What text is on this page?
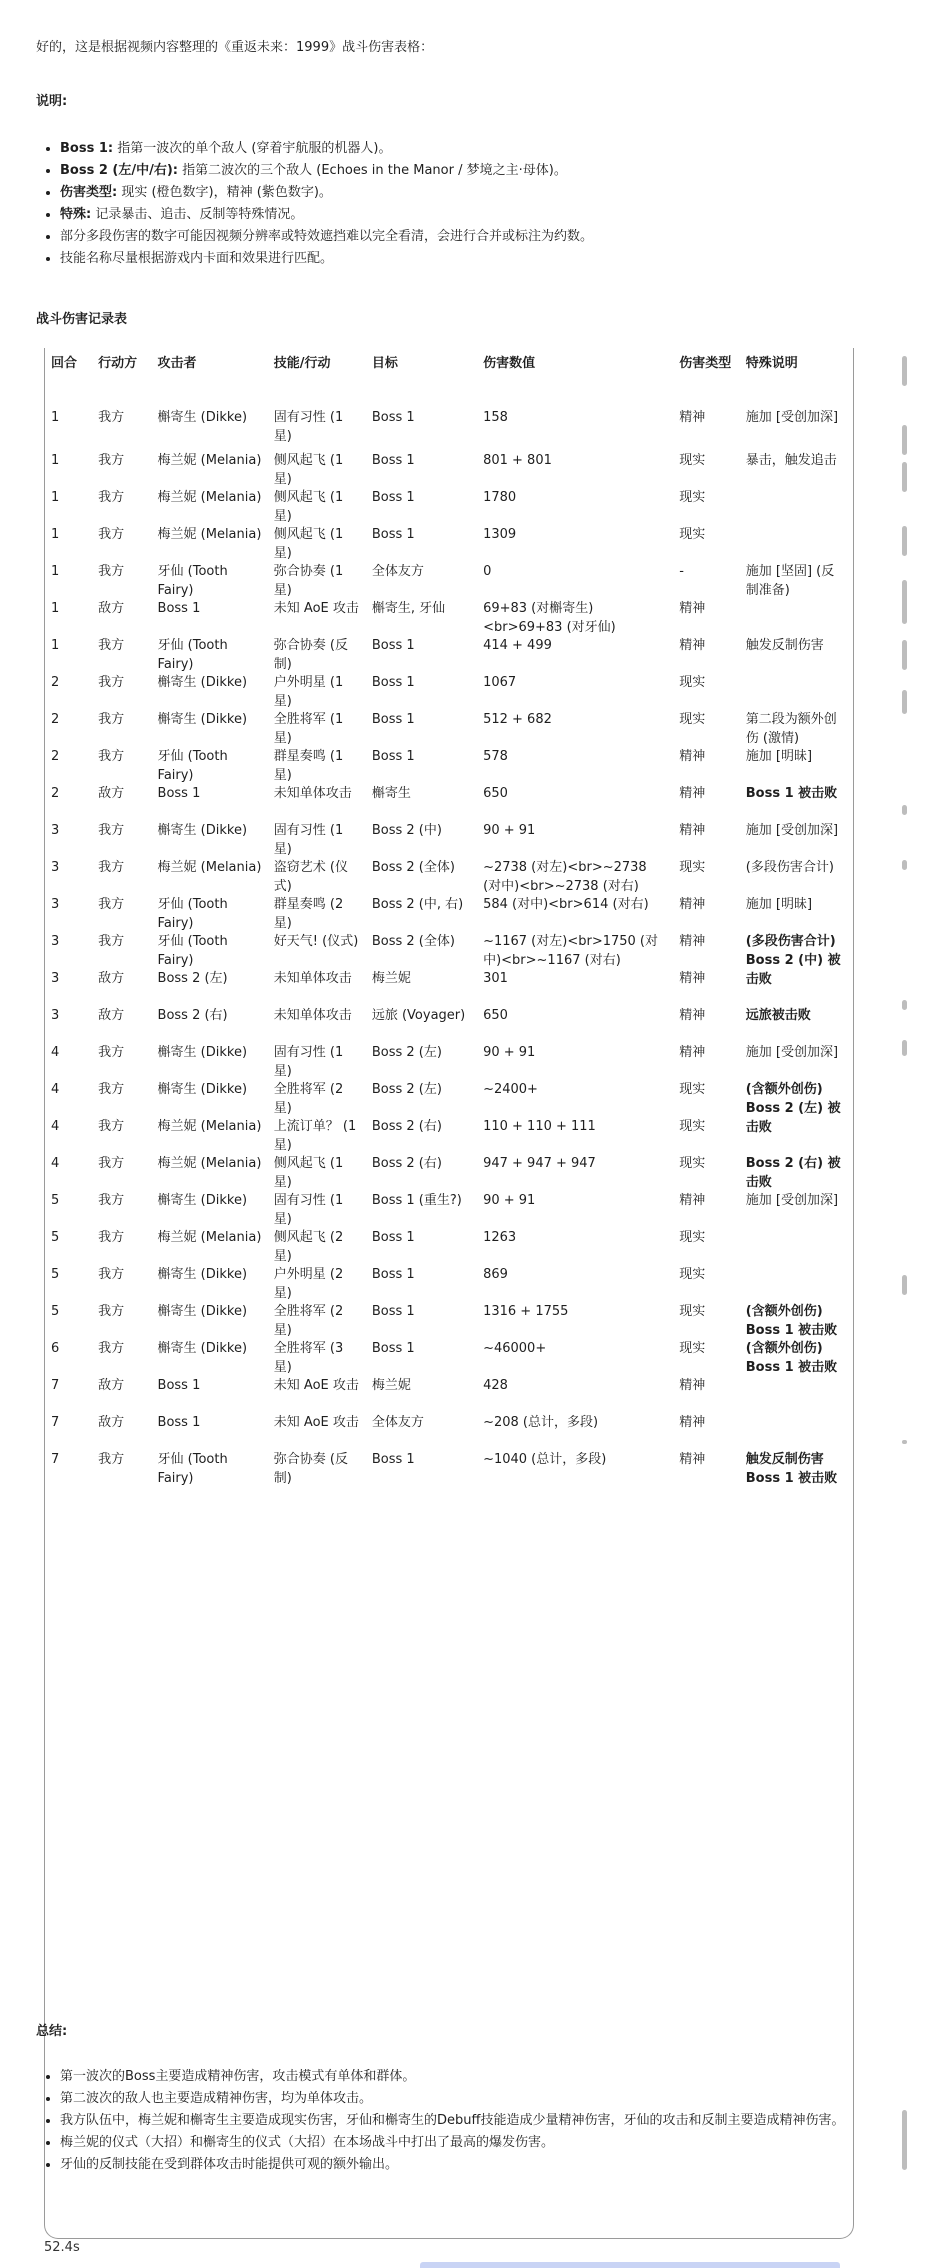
好的，这是根据视频内容整理的《重返未来：1999》战斗伤害表格：
说明:
• Boss 1: 指第一波次的单个敌人 (穿着宇航服的机器人)。
• Boss 2 (左/中/右): 指第二波次的三个敌人 (Echoes in the Manor / 梦境之主·母体)。
• 伤害类型: 现实 (橙色数字)，精神 (紫色数字)。
• 特殊: 记录暴击、追击、反制等特殊情况。
• 部分多段伤害的数字可能因视频分辨率或特效遮挡难以完全看清，会进行合并或标注为约数。
• 技能名称尽量根据游戏内卡面和效果进行匹配。
战斗伤害记录表
回合	行动方	攻击者	技能/行动	目标	伤害数值	伤害类型	特殊说明

1	我方	槲寄生 (Dikke)	固有习性 (1星)	Boss 1	158	精神	施加 [受创加深]

1	我方	梅兰妮 (Melania)	侧风起飞 (1星)	Boss 1	801 + 801	现实	暴击，触发追击

1	我方	梅兰妮 (Melania)	侧风起飞 (1星)	Boss 1	1780	现实	

1	我方	梅兰妮 (Melania)	侧风起飞 (1星)	Boss 1	1309	现实	

1	我方	牙仙 (Tooth Fairy)	弥合协奏 (1星)	全体友方	0	-	施加 [坚固] (反制准备)

1	敌方	Boss 1	未知 AoE 攻击	槲寄生, 牙仙	69+83 (对槲寄生)<br>69+83 (对牙仙)	精神	

1	我方	牙仙 (Tooth Fairy)	弥合协奏 (反制)	Boss 1	414 + 499	精神	触发反制伤害

2	我方	槲寄生 (Dikke)	户外明星 (1星)	Boss 1	1067	现实	

2	我方	槲寄生 (Dikke)	全胜将军 (1星)	Boss 1	512 + 682	现实	第二段为额外创伤 (激情)

2	我方	牙仙 (Tooth Fairy)	群星奏鸣 (1星)	Boss 1	578	精神	施加 [明昧]

2	敌方	Boss 1	未知单体攻击	槲寄生	650	精神	Boss 1 被击败

3	我方	槲寄生 (Dikke)	固有习性 (1星)	Boss 2 (中)	90 + 91	精神	施加 [受创加深]

3	我方	梅兰妮 (Melania)	盗窃艺术 (仪式)	Boss 2 (全体)	~2738 (对左)<br>~2738 (对中)<br>~2738 (对右)	现实	(多段伤害合计)

3	我方	牙仙 (Tooth Fairy)	群星奏鸣 (2星)	Boss 2 (中, 右)	584 (对中)<br>614 (对右)	精神	施加 [明昧]

3	我方	牙仙 (Tooth Fairy)	好天气! (仪式)	Boss 2 (全体)	~1167 (对左)<br>1750 (对中)<br>~1167 (对右)	精神	(多段伤害合计) Boss 2 (中) 被击败

3	敌方	Boss 2 (左)	未知单体攻击	梅兰妮	301	精神	

3	敌方	Boss 2 (右)	未知单体攻击	远旅 (Voyager)	650	精神	远旅被击败

4	我方	槲寄生 (Dikke)	固有习性 (1星)	Boss 2 (左)	90 + 91	精神	施加 [受创加深]

4	我方	槲寄生 (Dikke)	全胜将军 (2星)	Boss 2 (左)	~2400+	现实	(含额外创伤) Boss 2 (左) 被击败

4	我方	梅兰妮 (Melania)	上流订单？ (1星)	Boss 2 (右)	110 + 110 + 111	现实	

4	我方	梅兰妮 (Melania)	侧风起飞 (1星)	Boss 2 (右)	947 + 947 + 947	现实	Boss 2 (右) 被击败

5	我方	槲寄生 (Dikke)	固有习性 (1星)	Boss 1 (重生?)	90 + 91	精神	施加 [受创加深]

5	我方	梅兰妮 (Melania)	侧风起飞 (2星)	Boss 1	1263	现实	

5	我方	槲寄生 (Dikke)	户外明星 (2星)	Boss 1	869	现实	

5	我方	槲寄生 (Dikke)	全胜将军 (2星)	Boss 1	1316 + 1755	现实	(含额外创伤) Boss 1 被击败

6	我方	槲寄生 (Dikke)	全胜将军 (3星)	Boss 1	~46000+	现实	(含额外创伤) Boss 1 被击败

7	敌方	Boss 1	未知 AoE 攻击	梅兰妮	428	精神	

7	敌方	Boss 1	未知 AoE 攻击	全体友方	~208 (总计，多段)	精神	

7	我方	牙仙 (Tooth Fairy)	弥合协奏 (反制)	Boss 1	~1040 (总计，多段)	精神	触发反制伤害 Boss 1 被击败
总结:
• 第一波次的Boss主要造成精神伤害，攻击模式有单体和群体。
• 第二波次的敌人也主要造成精神伤害，均为单体攻击。
• 我方队伍中，梅兰妮和槲寄生主要造成现实伤害，牙仙和槲寄生的Debuff技能造成少量精神伤害，牙仙的攻击和反制主要造成精神伤害。
• 梅兰妮的仪式（大招）和槲寄生的仪式（大招）在本场战斗中打出了最高的爆发伤害。
• 牙仙的反制技能在受到群体攻击时能提供可观的额外输出。
52.4s
